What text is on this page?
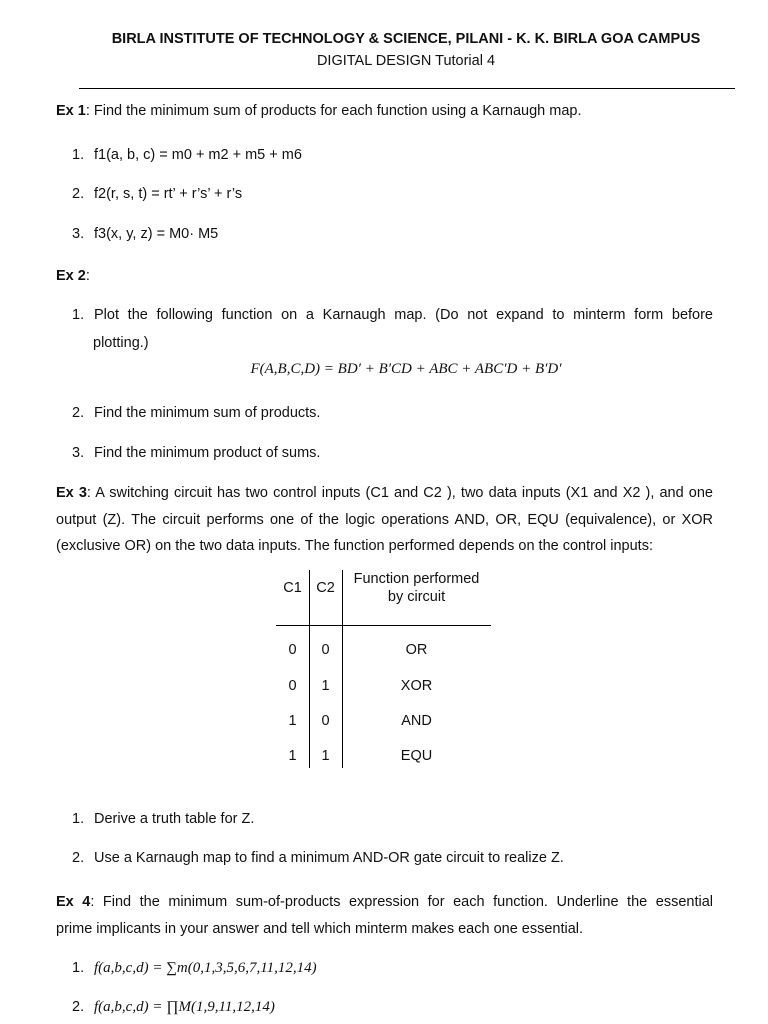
BIRLA INSTITUTE OF TECHNOLOGY & SCIENCE, PILANI - K. K. BIRLA GOA CAMPUS
DIGITAL DESIGN Tutorial 4
Ex 1: Find the minimum sum of products for each function using a Karnaugh map.
1. f1(a, b, c) = m0 + m2 + m5 + m6
2. f2(r, s, t) = rt’ + r’s’ + r’s
3. f3(x, y, z) = M0· M5
Ex 2:
1. Plot the following function on a Karnaugh map. (Do not expand to minterm form before
plotting.)
F(A,B,C,D) = BD′ + B′CD + ABC + ABC′D + B′D′
2. Find the minimum sum of products.
3. Find the minimum product of sums.
Ex 3: A switching circuit has two control inputs (C1 and C2 ), two data inputs (X1 and X2 ), and one
output (Z). The circuit performs one of the logic operations AND, OR, EQU (equivalence), or XOR
(exclusive OR) on the two data inputs. The function performed depends on the control inputs:
C1 C2
Function performed
by circuit
0	0	OR
0	1	XOR
1	0	AND
1	1	EQU
1. Derive a truth table for Z.
2. Use a Karnaugh map to find a minimum AND-OR gate circuit to realize Z.
Ex 4: Find the minimum sum-of-products expression for each function. Underline the essential
prime implicants in your answer and tell which minterm makes each one essential.
1. f(a,b,c,d) = ∑m(0,1,3,5,6,7,11,12,14)
2. f(a,b,c,d) = ∏M(1,9,11,12,14)
